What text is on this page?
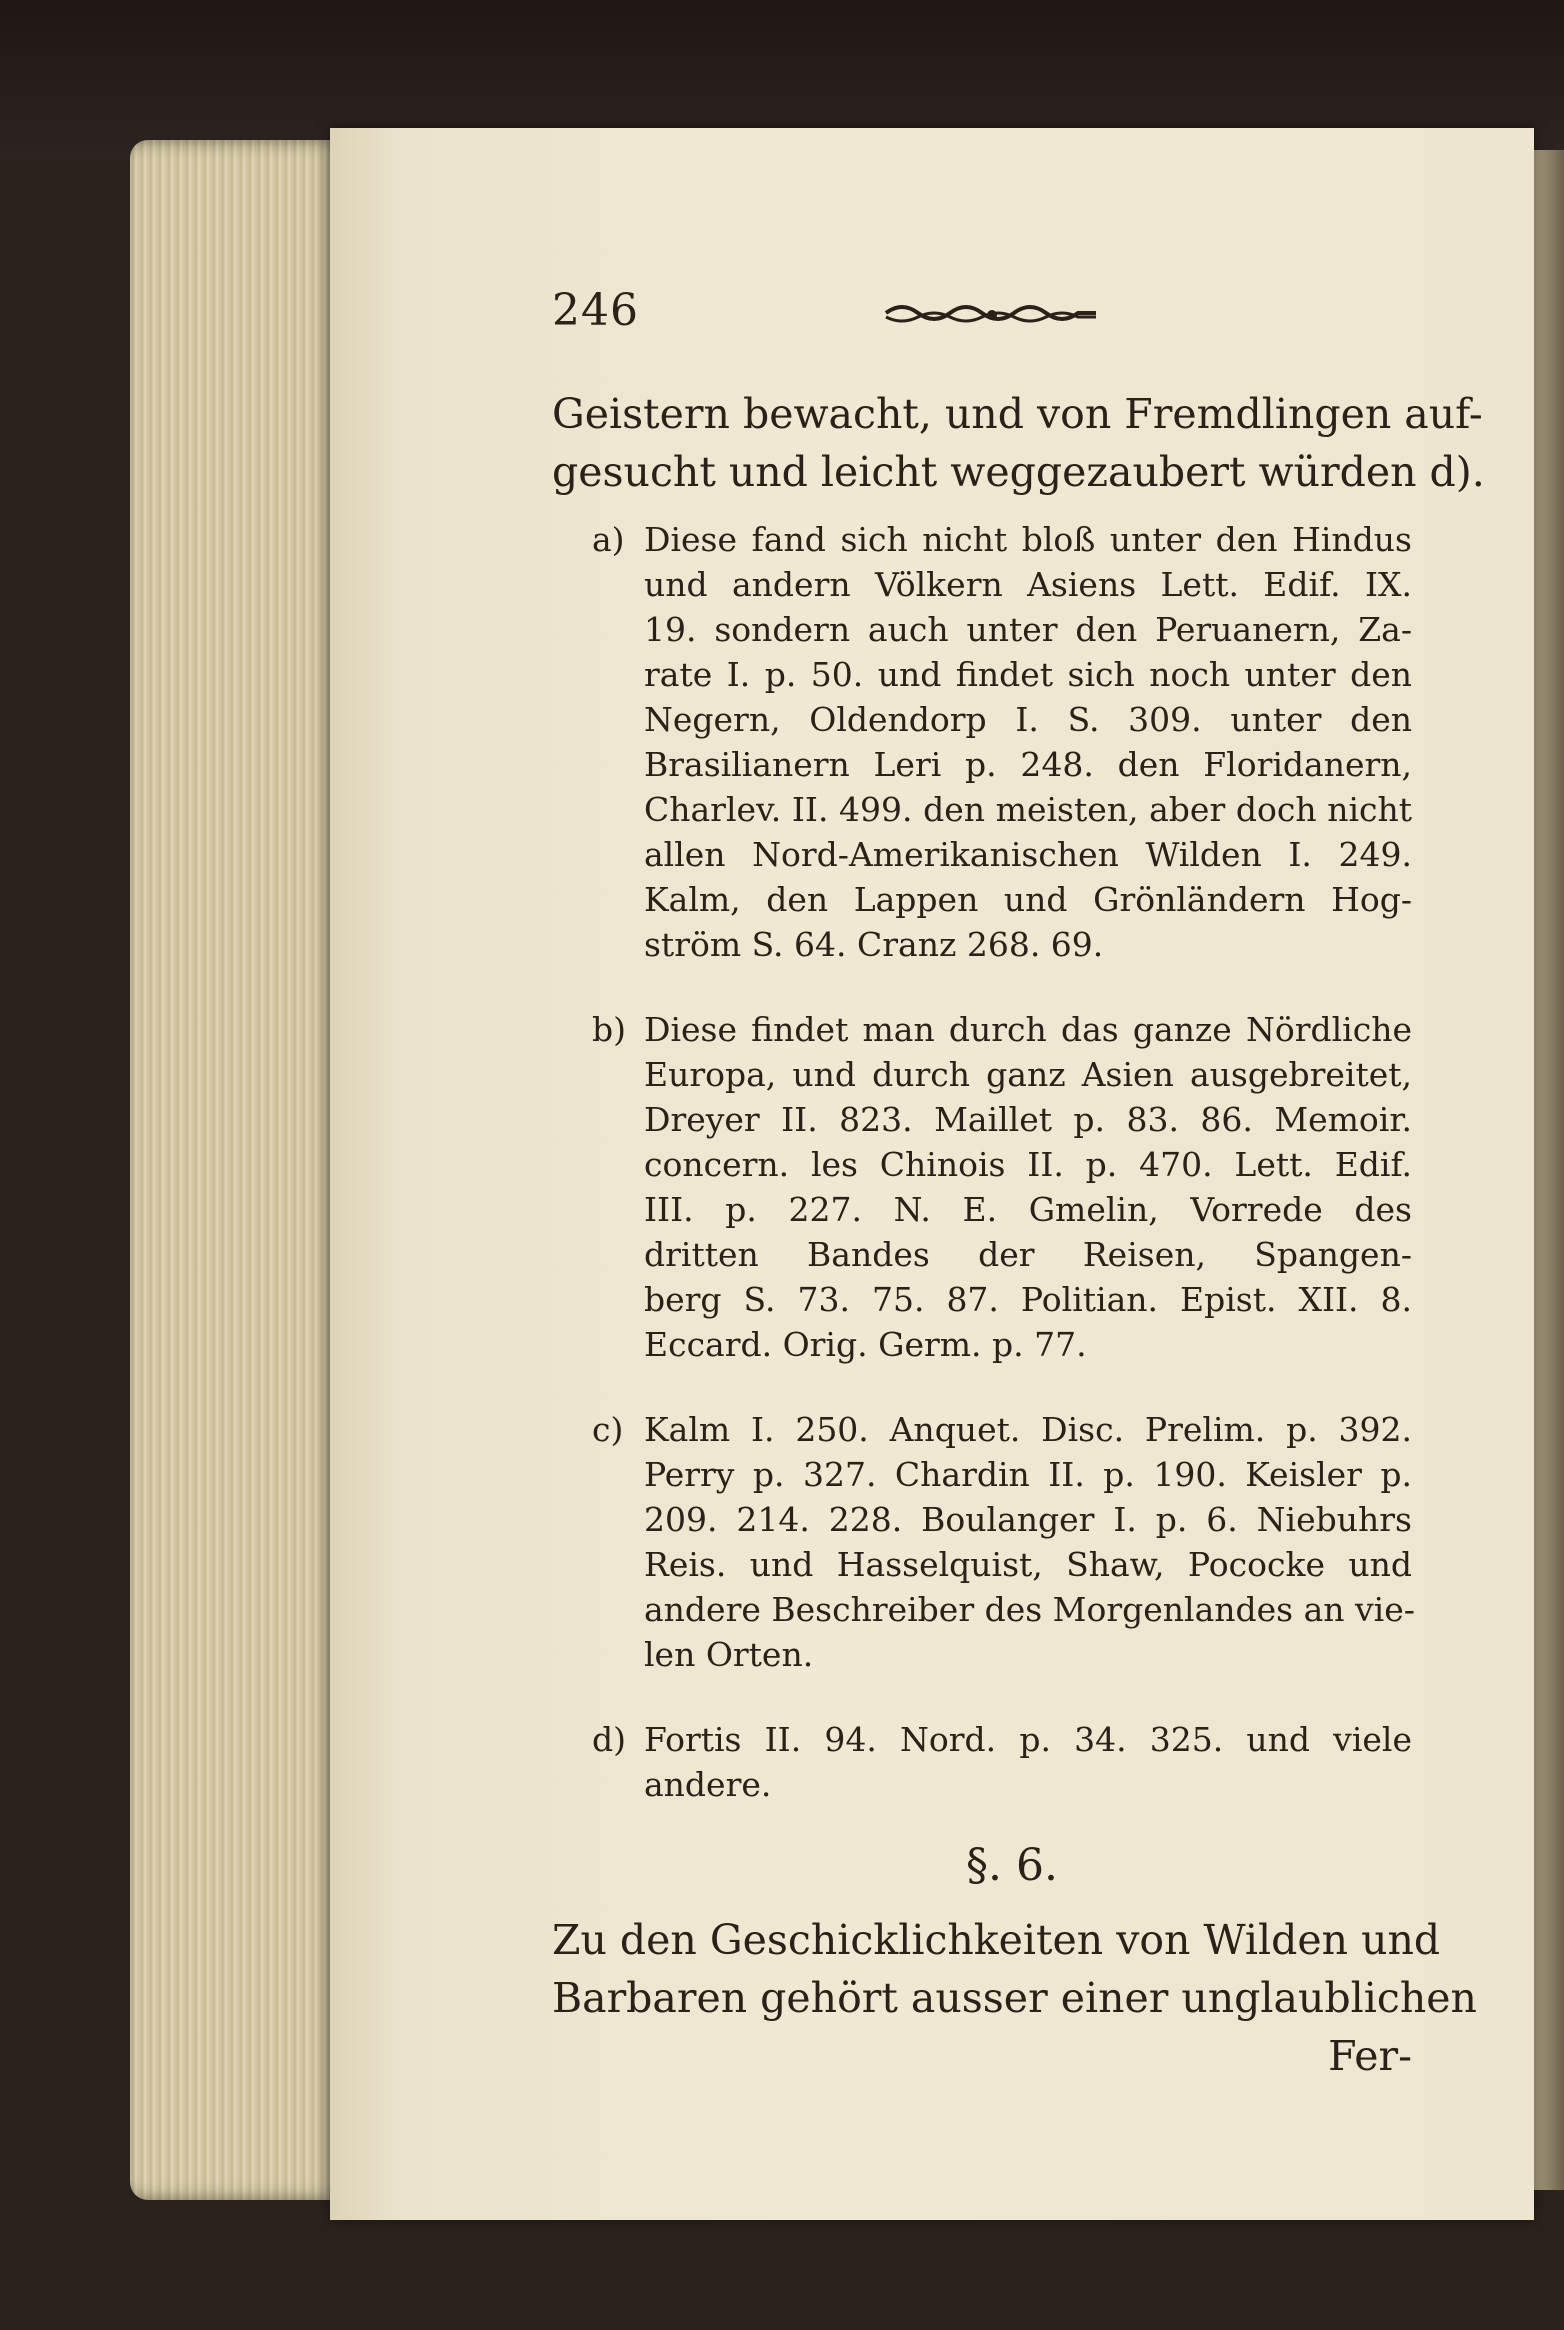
246
Geistern bewacht, und von Fremdlingen auf-
gesucht und leicht weggezaubert würden d).
a) Diese fand sich nicht bloß unter den Hindus
und andern Völkern Asiens Lett. Edif. IX.
19. sondern auch unter den Peruanern, Za-
rate I. p. 50. und findet sich noch unter den
Negern, Oldendorp I. S. 309. unter den
Brasilianern Leri p. 248. den Floridanern,
Charlev. II. 499. den meisten, aber doch nicht
allen Nord-Amerikanischen Wilden I. 249.
Kalm, den Lappen und Grönländern Hog-
ström S. 64. Cranz 268. 69.
b) Diese findet man durch das ganze Nördliche
Europa, und durch ganz Asien ausgebreitet,
Dreyer II. 823. Maillet p. 83. 86. Memoir.
concern. les Chinois II. p. 470. Lett. Edif.
III. p. 227. N. E. Gmelin, Vorrede des
dritten Bandes der Reisen, Spangen-
berg S. 73. 75. 87. Politian. Epist. XII. 8.
Eccard. Orig. Germ. p. 77.
c) Kalm I. 250. Anquet. Disc. Prelim. p. 392.
Perry p. 327. Chardin II. p. 190. Keisler p.
209. 214. 228. Boulanger I. p. 6. Niebuhrs
Reis. und Hasselquist, Shaw, Pococke und
andere Beschreiber des Morgenlandes an vie-
len Orten.
d) Fortis II. 94. Nord. p. 34. 325. und viele
andere.
§. 6.
Zu den Geschicklichkeiten von Wilden und
Barbaren gehört ausser einer unglaublichen
Fer-
